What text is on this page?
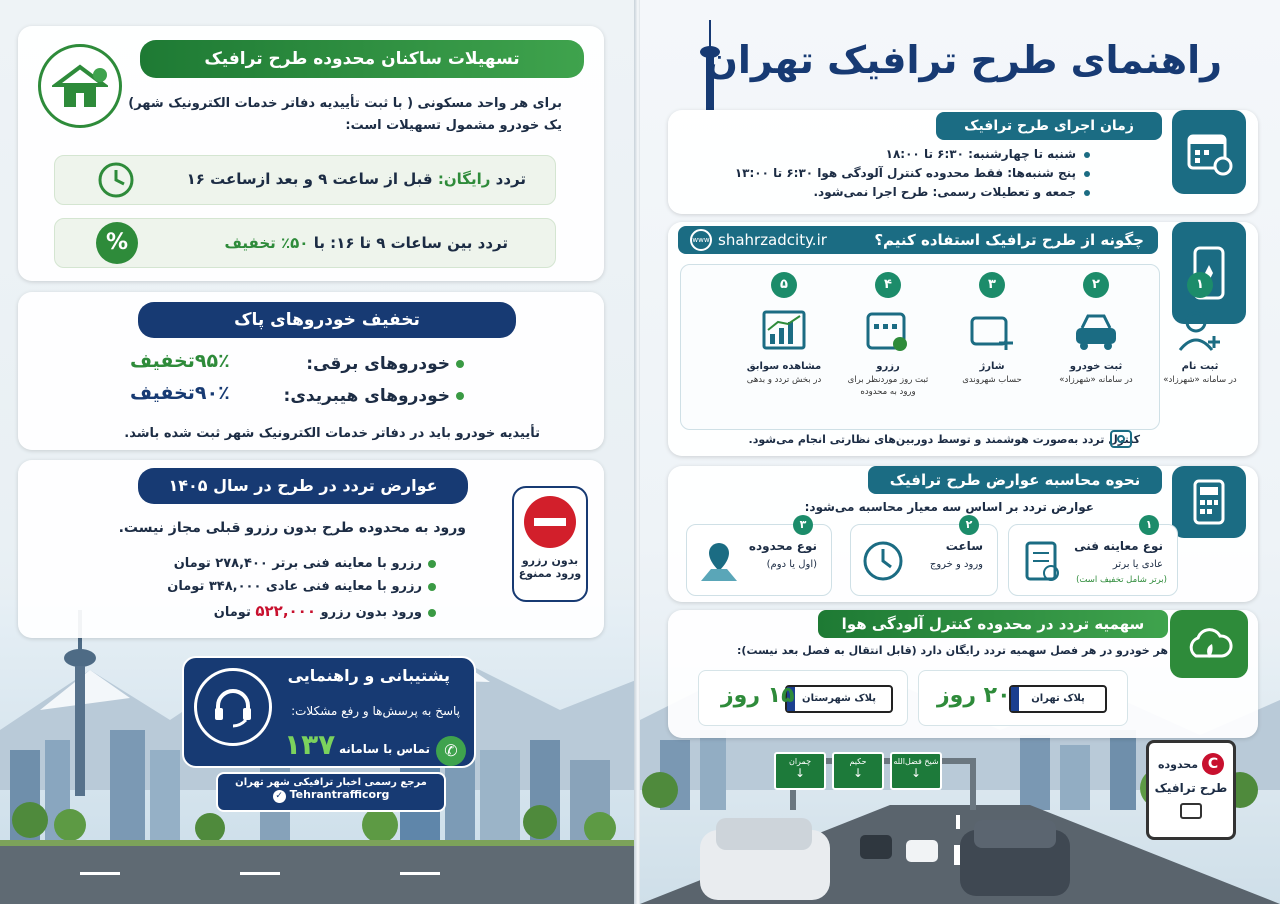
تسهیلات ساکنان محدوده طرح ترافیک
برای هر واحد مسکونی ( با ثبت تأییدیه دفاتر خدمات الکترونیک شهر)
یک خودرو مشمول تسهیلات است:
تردد رایگان: قبل از ساعت ۹ و بعد ازساعت ۱۶
%	تردد بین ساعات ۹ تا ۱۶: با ۵۰٪ تخفیف
تخفیف خودروهای پاک
خودروهای برقی:
۹۵٪تخفیف
خودروهای هیبریدی:
۹۰٪تخفیف
تأییدیه خودرو باید در دفاتر خدمات الکترونیک شهر ثبت شده باشد.
عوارض تردد در طرح در سال ۱۴۰۵
ورود به محدوده طرح بدون رزرو قبلی مجاز نیست.
رزرو با معاینه فنی برتر ۲۷۸,۴۰۰ تومان
رزرو با معاینه فنی عادی ۳۴۸,۰۰۰ تومان
ورود بدون رزرو ۵۲۲,۰۰۰ تومان
بدون رزرو
ورود ممنوع
پشتیبانی و راهنمایی
پاسخ به پرسش‌ها و رفع مشکلات:
✆
تماس با سامانه
۱۳۷
مرجع رسمی اخبار ترافیکی شهر تهران
✓ Tehrantrafficorg
راهنمای طرح ترافیک تهران
زمان اجرای طرح ترافیک
شنبه تا چهارشنبه: ۶:۳۰ تا ۱۸:۰۰
پنج شنبه‌ها: فقط محدوده کنترل آلودگی هوا ۶:۳۰ تا ۱۳:۰۰
جمعه و تعطیلات رسمی: طرح اجرا نمی‌شود.
چگونه از طرح ترافیک استفاده کنیم؟
www shahrzadcity.ir
کنترل تردد به‌صورت هوشمند و توسط دوربین‌های نظارتی انجام می‌شود.
نحوه محاسبه عوارض طرح ترافیک
عوارض تردد بر اساس سه معیار محاسبه می‌شود:
سهمیه تردد در محدوده کنترل آلودگی هوا
هر خودرو در هر فصل سهمیه تردد رایگان دارد (قابل انتقال به فصل بعد نیست):
پلاک تهران
۲۰ روز
پلاک شهرستان
۱۵ روز
C
محدوده
طرح ترافیک
۱
ثبت نام
در سامانه «شهرزاد»
۲
ثبت خودرو
در سامانه «شهرزاد»
۳
شارژ
حساب شهروندی
۴
رزرو
ثبت روز موردنظر برای ورود به محدوده
۵
مشاهده سوابق
در بخش تردد و بدهی
۱
نوع معاینه فنی
عادی یا برتر
(برتر شامل تخفیف است)
۲
ساعت
ورود و خروج
۳
نوع محدوده
(اول یا دوم)
چمران
↓
حکیم
↓
شیخ فضل‌الله
↓
